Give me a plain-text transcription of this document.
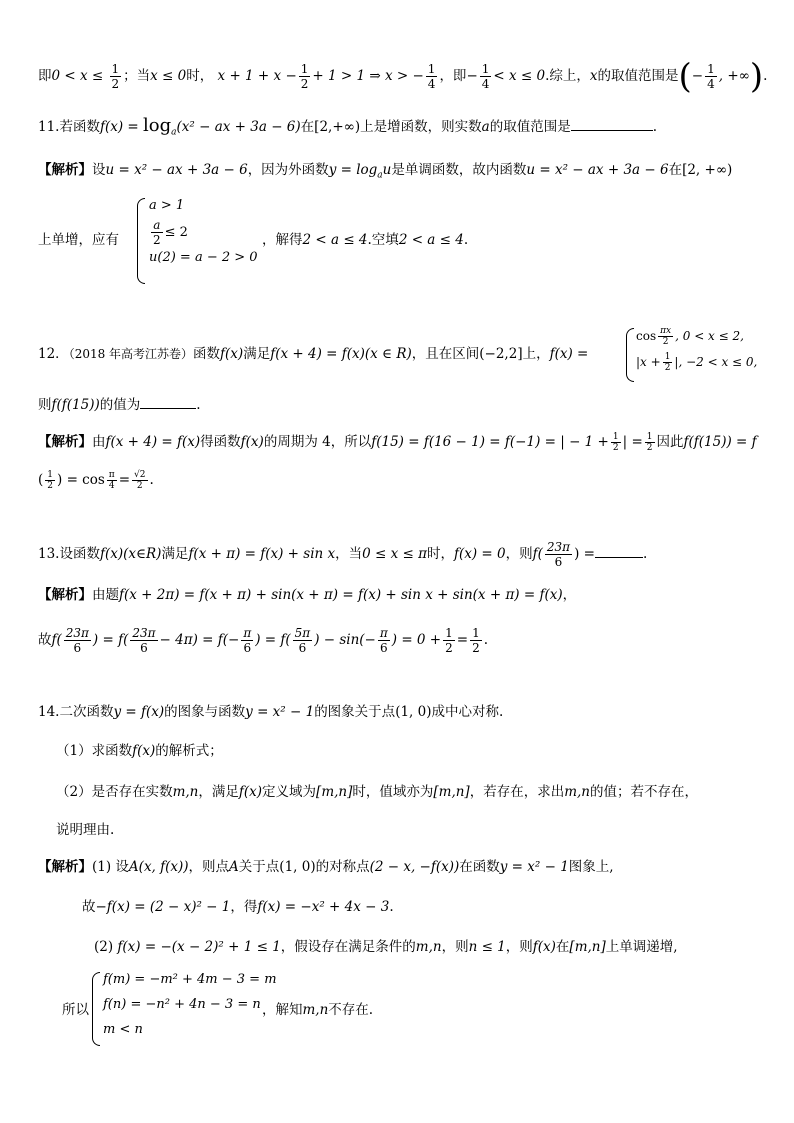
即$0 < x \le \frac{1}{2}$ ；当x ≤ 0时， $x + 1 + x - \frac{1}{2} + 1 > 1$ ⇒ x > − $\frac{1}{4}$ ，即− $\frac{1}{4} < x \le 0$.综上，x的取值范围是(− $\frac{1}{4}$ , +∞).
11.若函数$f(x) = \log_a(x^2$ − ax + 3a − 6)在[2,+∞)上是增函数，则实数a的取值范围是	.
【解析】设u = x² − ax + 3a − 6，因为外函数$y = \log_au$是单调函数，故内函数u = x² − ax + 3a − 6在[2, +∞)
上单增，应有
a > 1
$\frac{a}{2} \le 2$
u(2) = a − 2 > 0
，解得2 < a ≤ 4.空填2 < a ≤ 4.
12．（2018 年高考江苏卷）函数f(x)满足f(x + 4) = f(x)(x ∈ R)，且在区间(−2,2]上，f(x) =
$\cos \frac{\pi x}{2}$ , 0 < x ≤ 2,
$|x + \frac{1}{2}$ |, −2 < x ≤ 0,
则f(f(15))的值为	.
【解析】由f(x + 4) = f(x)得函数f(x)的周期为 4，所以f(15) = f(16 − 1) = f(−1) = | − $1 + \frac{1}{2}$ | = $\frac{1}{2}$ 因此f(f(15)) = f
( $\frac{1}{2}$ ) = $\cos \frac{\pi}{4} = \frac{√2}{2}$ .
13.设函数f(x)(x∈R)满足f(x + π) = f(x) + sin x，当0 ≤ x ≤ π时，f(x) = 0，则$f( \frac{23\pi}{6}$ ) =	.
【解析】由题f(x + 2π) = f(x + π) + sin(x + π) = f(x) + sin x + sin(x + π) = f(x)，
故$f( \frac{23\pi}{6}$ ) = $f( \frac{23\pi}{6} - 4\pi) = f(- \frac{\pi}{6}$ ) = $f( \frac{5\pi}{6}$ ) − $\sin(- \frac{\pi}{6}$ ) = $0 + \frac{1}{2} = \frac{1}{2}$ .
14.二次函数y = f(x)的图象与函数y = x² − 1的图象关于点(1, 0)成中心对称.
（1）求函数f(x)的解析式；
（2）是否存在实数m,n，满足f(x)定义域为[m,n]时，值域亦为[m,n]，若存在，求出m,n的值；若不存在，
说明理由.
【解析】(1) 设A(x, f(x))，则点A关于点(1, 0)的对称点(2 − x, −f(x))在函数y = x² − 1图象上,
故−f(x) = (2 − x)² − 1，得f(x) = −x² + 4x − 3.
(2) f(x) = −(x − 2)² + 1 ≤ 1，假设存在满足条件的m,n，则n ≤ 1，则f(x)在[m,n]上单调递增,
所以
f(m) = −m² + 4m − 3 = m
f(n) = −n² + 4n − 3 = n
m < n
，解知m,n不存在.
